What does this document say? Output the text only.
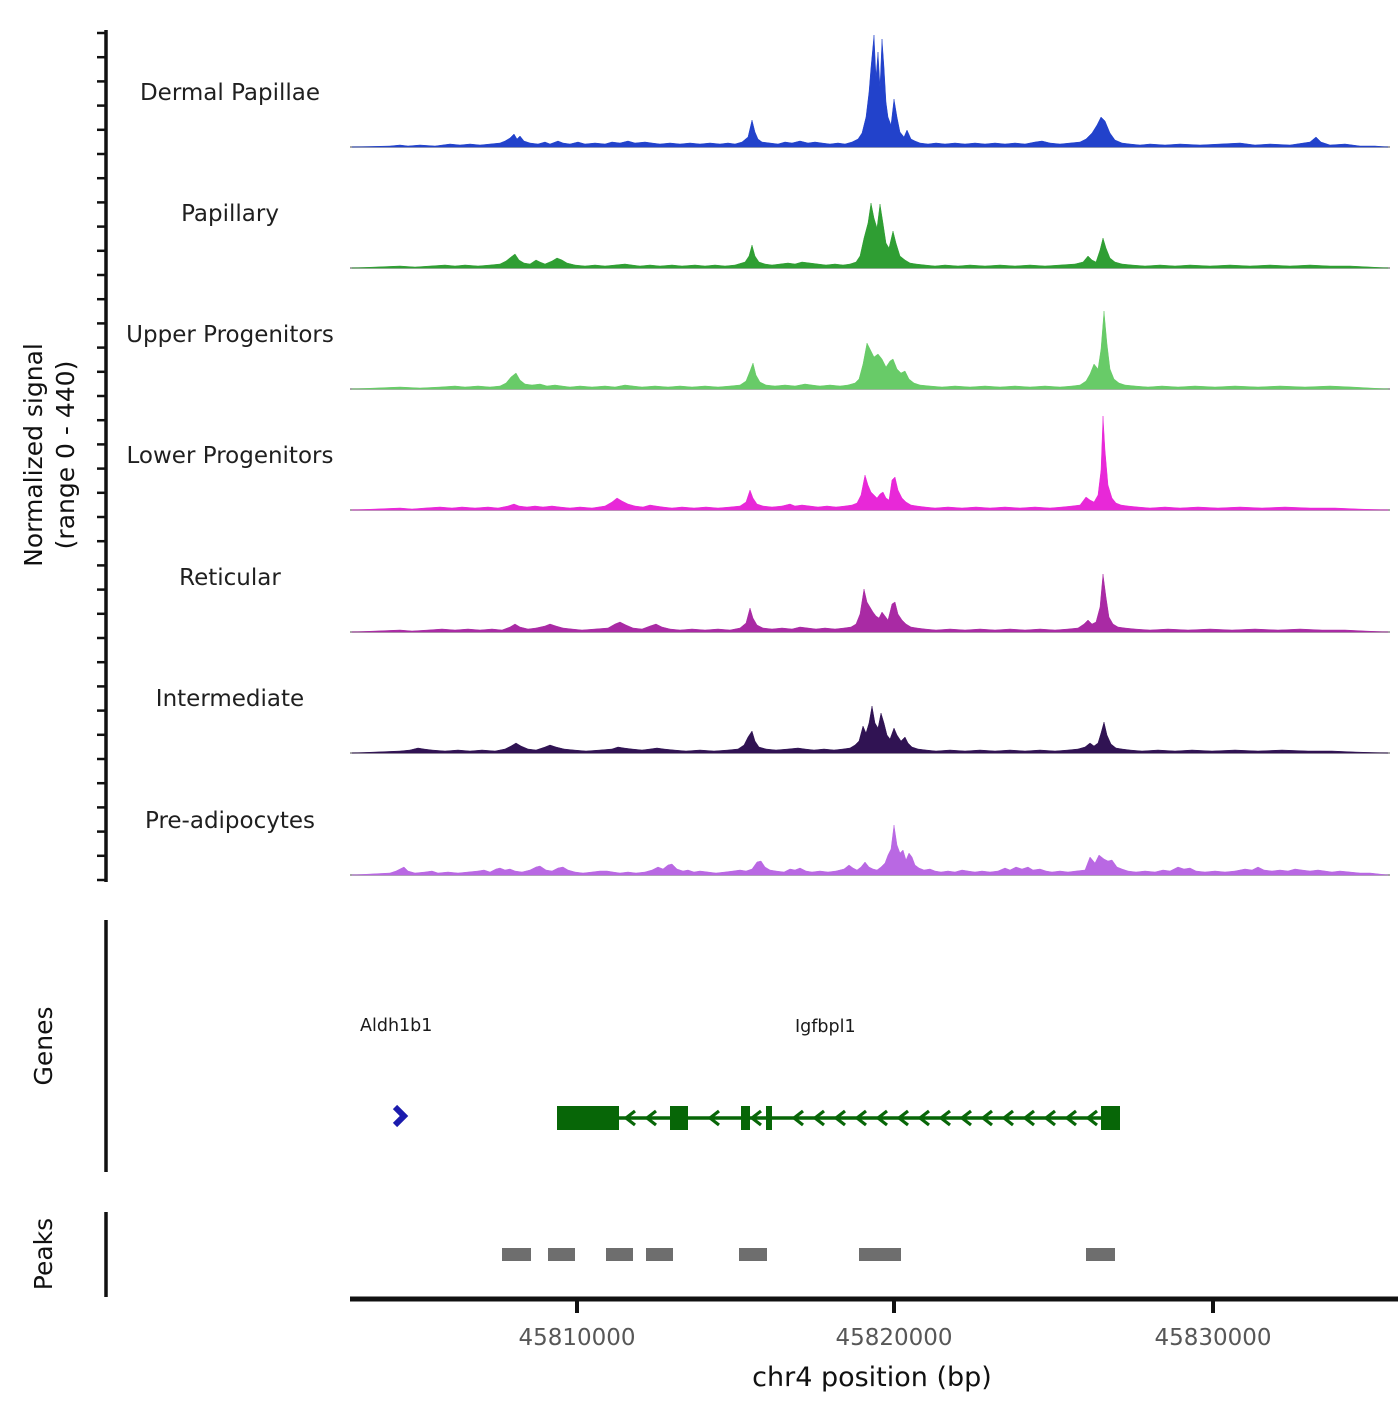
Normalized signal (range 0 - 440)
Dermal Papillae
Papillary
Upper Progenitors
Lower Progenitors
Reticular
Intermediate
Pre-adipocytes
Aldh1b1	Igfbpl1
Genes
Peaks
45810000	45820000	45830000
chr4 position (bp)
